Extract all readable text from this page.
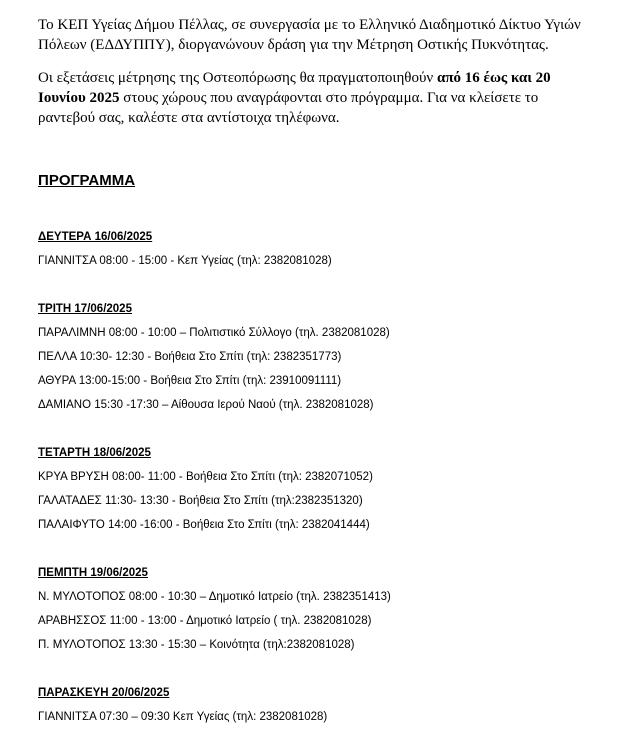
Το ΚΕΠ Υγείας Δήμου Πέλλας, σε συνεργασία με το Ελληνικό Διαδημοτικό Δίκτυο Υγιών Πόλεων (ΕΔΔΥΠΠΥ), διοργανώνουν δράση για την Μέτρηση Οστικής Πυκνότητας.

Οι εξετάσεις μέτρησης της Οστεοπόρωσης θα πραγματοποιηθούν από 16 έως και 20 Ιουνίου 2025 στους χώρους που αναγράφονται στο πρόγραμμα. Για να κλείσετε το ραντεβού σας, καλέστε στα αντίστοιχα τηλέφωνα.

ΠΡΟΓΡΑΜΜΑ
ΔΕΥΤΕΡΑ 16/06/2025
ΓΙΑΝΝΙΤΣΑ 08:00 - 15:00 - Κεπ Υγείας (τηλ: 2382081028)
ΤΡΙΤΗ 17/06/2025
ΠΑΡΑΛΙΜΝΗ 08:00 - 10:00 – Πολιτιστικό Σύλλογο (τηλ. 2382081028)
ΠΕΛΛΑ 10:30- 12:30 - Βοήθεια Στο Σπίτι (τηλ: 2382351773)
ΑΘΥΡΑ 13:00-15:00 - Βοήθεια Στο Σπίτι (τηλ: 23910091111)
ΔΑΜΙΑΝΟ 15:30 -17:30 – Αίθουσα Ιερού Ναού (τηλ. 2382081028)
ΤΕΤΑΡΤΗ 18/06/2025
ΚΡΥΑ ΒΡΥΣΗ 08:00- 11:00 - Βοήθεια Στο Σπίτι (τηλ: 2382071052)
ΓΑΛΑΤΑΔΕΣ 11:30- 13:30 - Βοήθεια Στο Σπίτι (τηλ:2382351320)
ΠΑΛΑΙΦΥΤΟ 14:00 -16:00 - Βοήθεια Στο Σπίτι (τηλ: 2382041444)
ΠΕΜΠΤΗ 19/06/2025
Ν. ΜΥΛΟΤΟΠΟΣ 08:00 - 10:30 – Δημοτικό Ιατρείο (τηλ. 2382351413)
ΑΡΑΒΗΣΣΟΣ 11:00 - 13:00 - Δημοτικό Ιατρείο ( τηλ. 2382081028)
Π. ΜΥΛΟΤΟΠΟΣ 13:30 - 15:30 – Κοινότητα (τηλ:2382081028)
ΠΑΡΑΣΚΕΥΗ 20/06/2025
ΓΙΑΝΝΙΤΣΑ 07:30 – 09:30 Κεπ Υγείας (τηλ: 2382081028)
